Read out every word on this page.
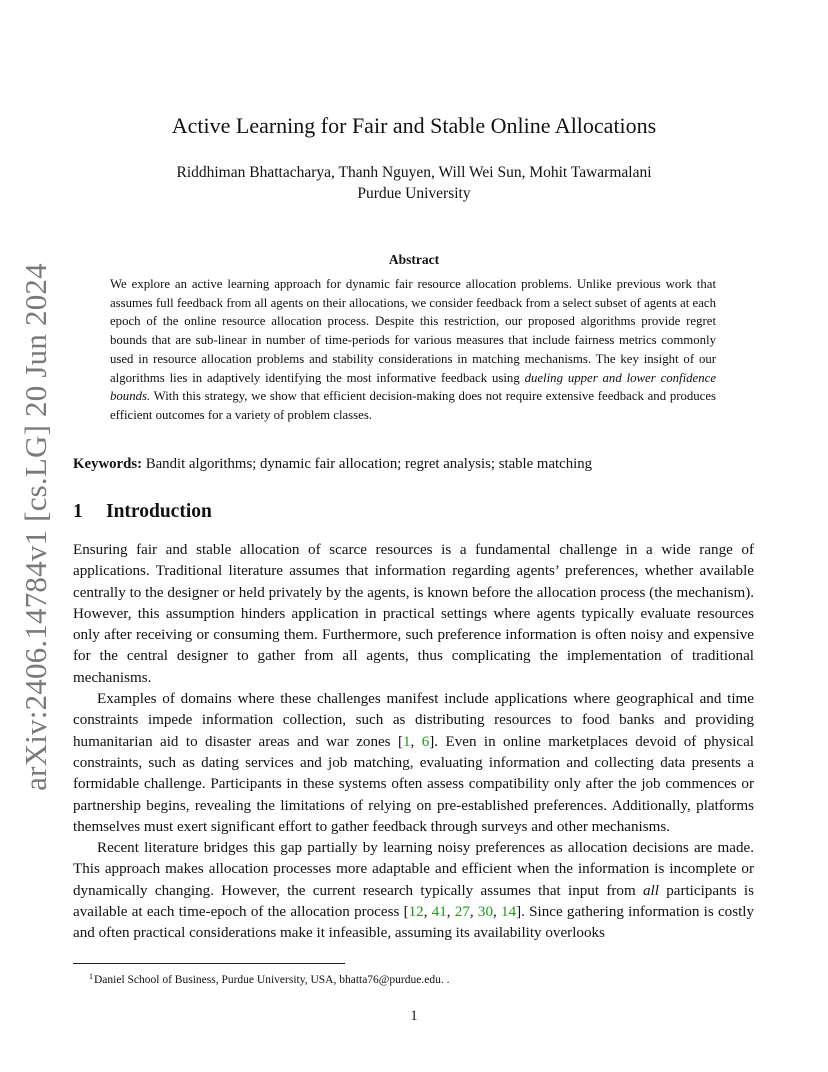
arXiv:2406.14784v1 [cs.LG] 20 Jun 2024
Active Learning for Fair and Stable Online Allocations
Riddhiman Bhattacharya, Thanh Nguyen, Will Wei Sun, Mohit Tawarmalani
Purdue University
Abstract

We explore an active learning approach for dynamic fair resource allocation problems. Unlike previous work that assumes full feedback from all agents on their allocations, we consider feedback from a select subset of agents at each epoch of the online resource allocation process. Despite this restriction, our proposed algorithms provide regret bounds that are sub-linear in number of time-periods for various measures that include fairness metrics commonly used in resource allocation problems and stability considerations in matching mechanisms. The key insight of our algorithms lies in adaptively identifying the most informative feedback using dueling upper and lower confidence bounds. With this strategy, we show that efficient decision-making does not require extensive feedback and produces efficient outcomes for a variety of problem classes.

Keywords: Bandit algorithms; dynamic fair allocation; regret analysis; stable matching

1 Introduction

Ensuring fair and stable allocation of scarce resources is a fundamental challenge in a wide range of applications. Traditional literature assumes that information regarding agents’ preferences, whether available centrally to the designer or held privately by the agents, is known before the allocation process (the mechanism). However, this assumption hinders application in practical settings where agents typically evaluate resources only after receiving or consuming them. Furthermore, such preference information is often noisy and expensive for the central designer to gather from all agents, thus complicating the implementation of traditional mechanisms.

Examples of domains where these challenges manifest include applications where geographical and time constraints impede information collection, such as distributing resources to food banks and providing humanitarian aid to disaster areas and war zones [1, 6]. Even in online marketplaces devoid of physical constraints, such as dating services and job matching, evaluating information and collecting data presents a formidable challenge. Participants in these systems often assess compatibility only after the job commences or partnership begins, revealing the limitations of relying on pre-established preferences. Additionally, platforms themselves must exert significant effort to gather feedback through surveys and other mechanisms.

Recent literature bridges this gap partially by learning noisy preferences as allocation decisions are made. This approach makes allocation processes more adaptable and efficient when the information is incomplete or dynamically changing. However, the current research typically assumes that input from all participants is available at each time-epoch of the allocation process [12, 41, 27, 30, 14]. Since gathering information is costly and often practical considerations make it infeasible, assuming its availability overlooks

$^1$Daniel School of Business, Purdue University, USA, bhatta76@purdue.edu. .

1
